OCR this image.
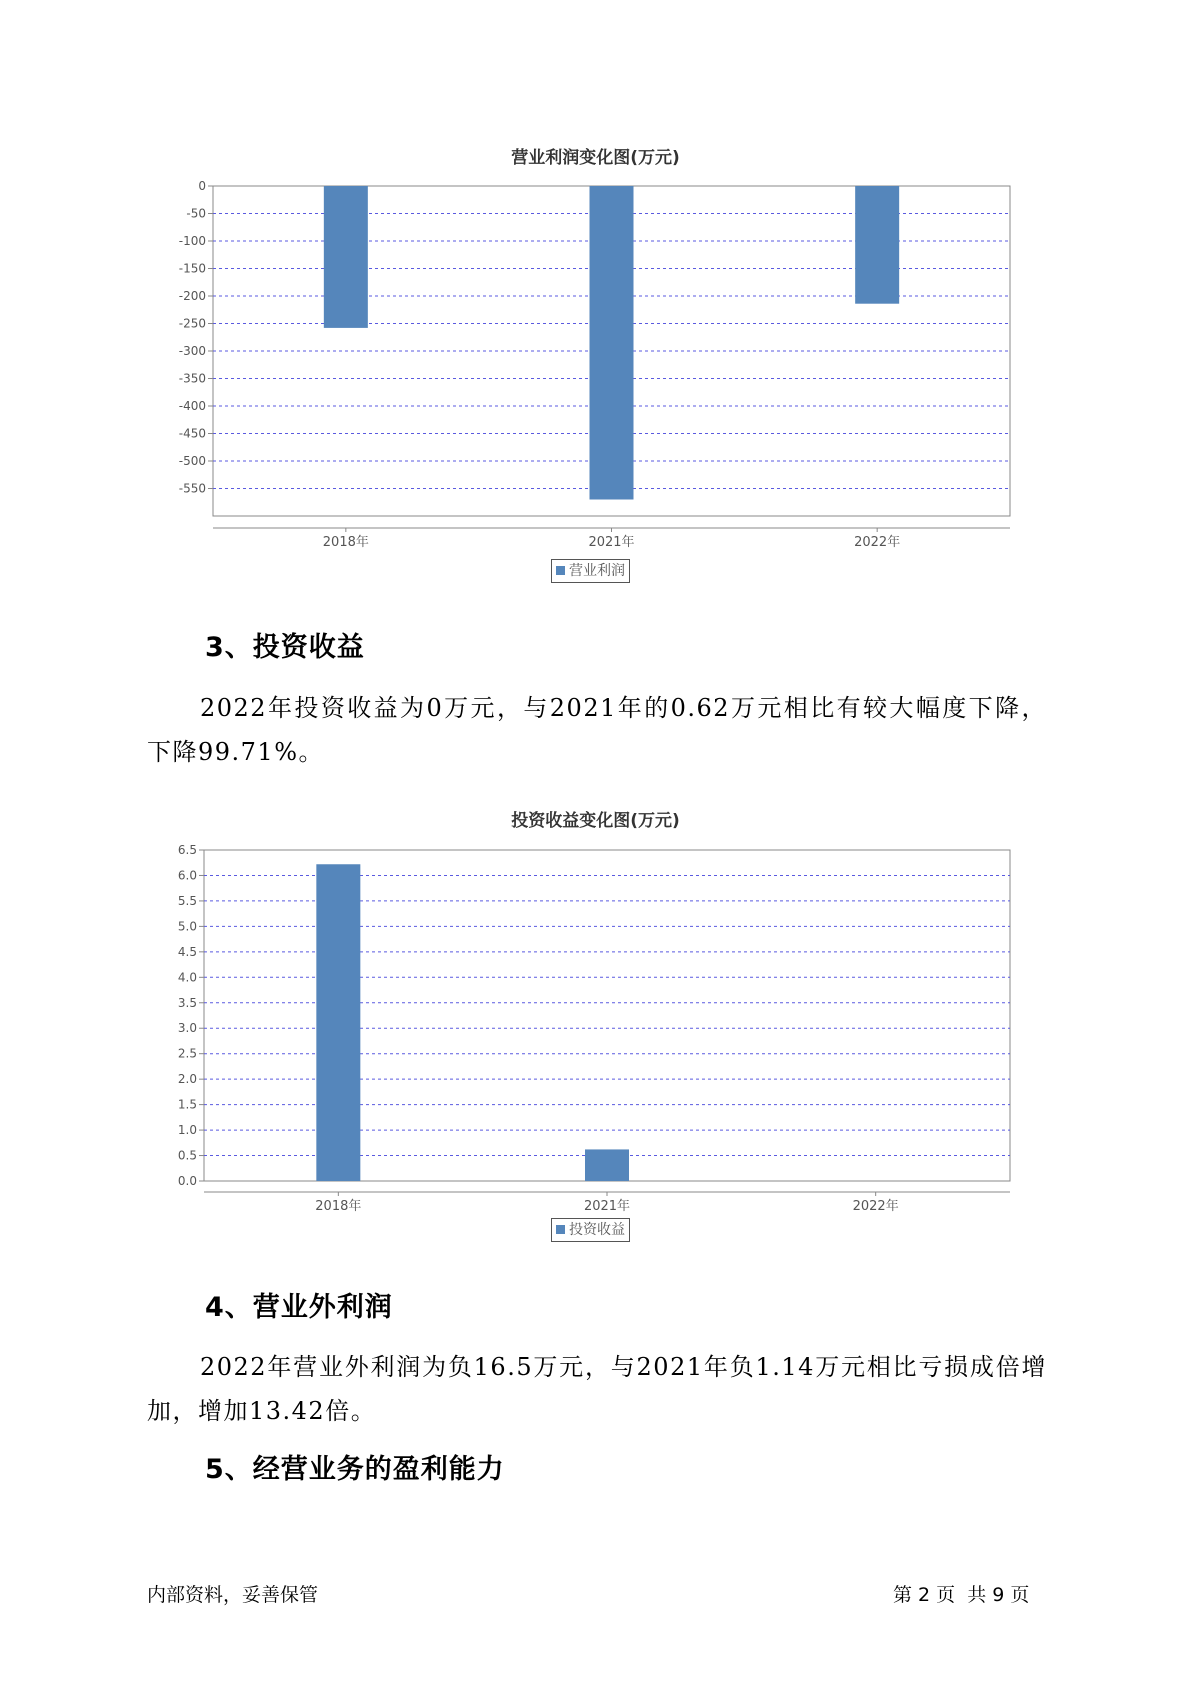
营业利润变化图(万元)
0
-50
-100
-150
-200
-250
-300
-350
-400
-450
-500
-550
2018年	2021年	2022年
营业利润
3、投资收益
2022年投资收益为0万元，与2021年的0.62万元相比有较大幅度下降，下降99.71%。
投资收益变化图(万元)
0.0
0.5
1.0
1.5
2.0
2.5
3.0
3.5
4.0
4.5
5.0
5.5
6.0
6.5
2018年	2021年	2022年
投资收益
4、营业外利润
2022年营业外利润为负16.5万元，与2021年负1.14万元相比亏损成倍增加，增加13.42倍。
5、经营业务的盈利能力
内部资料，妥善保管	第 2 页  共 9 页
